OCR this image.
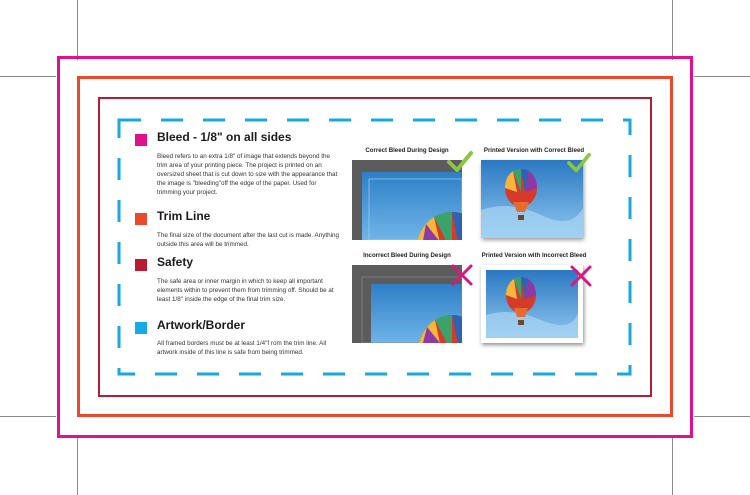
Bleed - 1/8" on all sides
Bleed refers to an extra 1/8" of image that extends beyond the trim area of your printing piece. The project is printed on an oversized sheet that is cut down to size with the appearance that the image is "bleeding"off the edge of the paper. Used for trimming your project.
Trim Line
The final size of the document after the last cut is made. Anything outside this area will be trimmed.
Safety
The safe area or inner margin in which to keep all important elements within to prevent them from trimming off. Should be at least 1/8" inside the edge of the final trim size.
Artwork/Border
All framed borders must be at least 1/4"f rom the trim line. All artwork inside of this line is safe from being trimmed.
Correct Bleed During Design	Printed Version with Correct Bleed
Incorrect Bleed During Design	Printed Version with Incorrect Bleed
